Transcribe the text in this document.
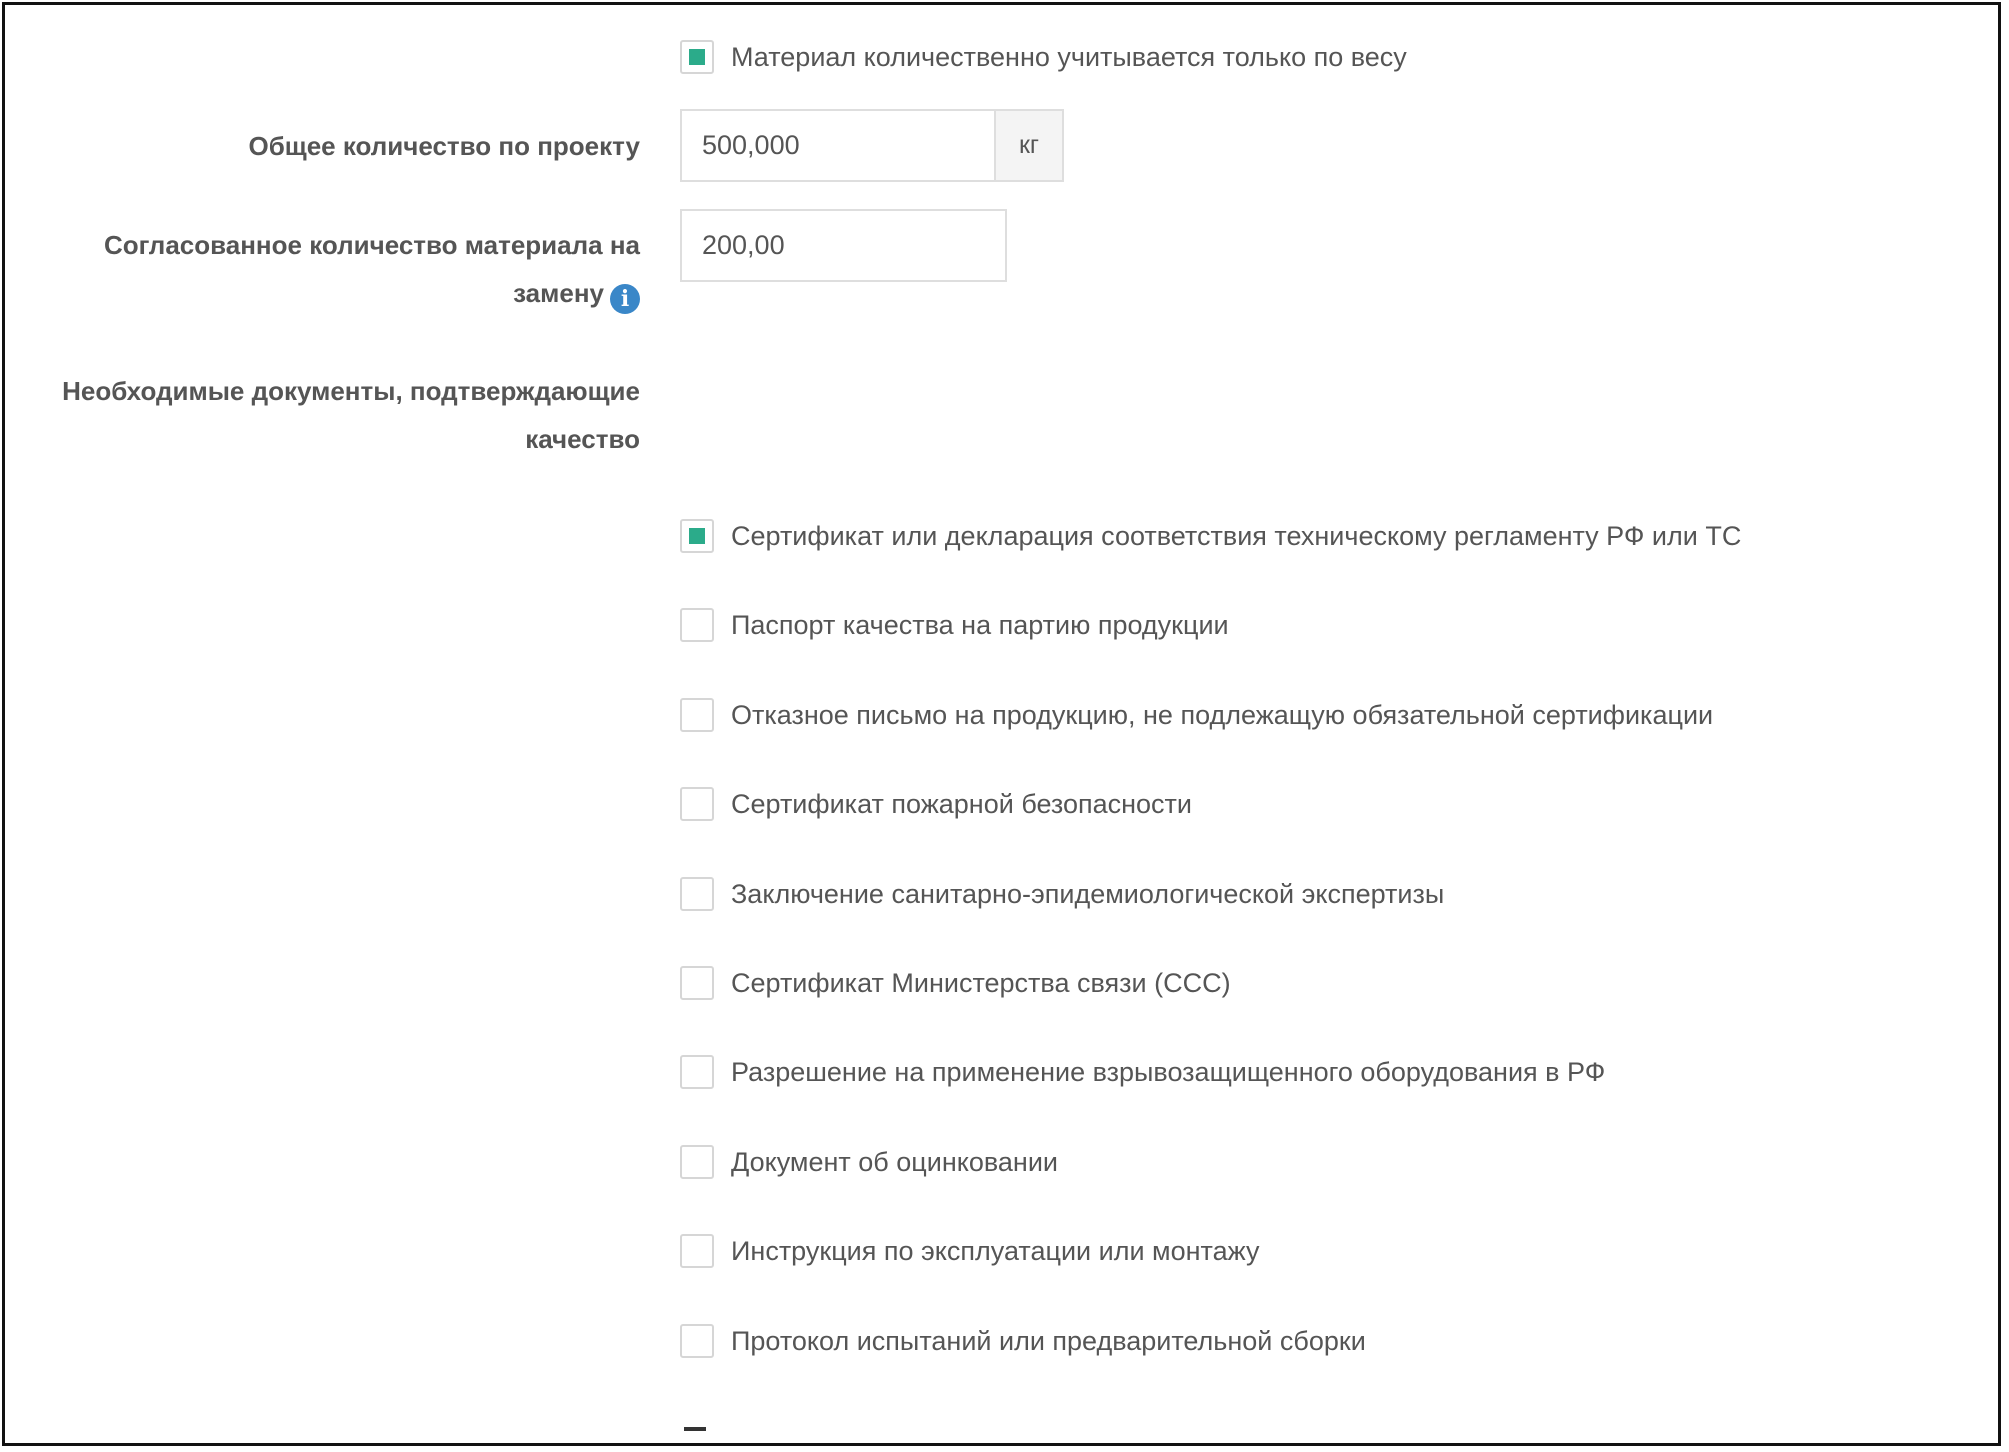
Материал количественно учитывается только по весу
Общее количество по проекту 500,000	кг
Согласованное количество материала на
замену i
200,00
Необходимые документы, подтверждающие
качество
Сертификат или декларация соответствия техническому регламенту РФ или ТС
Паспорт качества на партию продукции
Отказное письмо на продукцию, не подлежащую обязательной сертификации
Сертификат пожарной безопасности
Заключение санитарно-эпидемиологической экспертизы
Сертификат Министерства связи (ССС)
Разрешение на применение взрывозащищенного оборудования в РФ
Документ об оцинковании
Инструкция по эксплуатации или монтажу
Протокол испытаний или предварительной сборки
